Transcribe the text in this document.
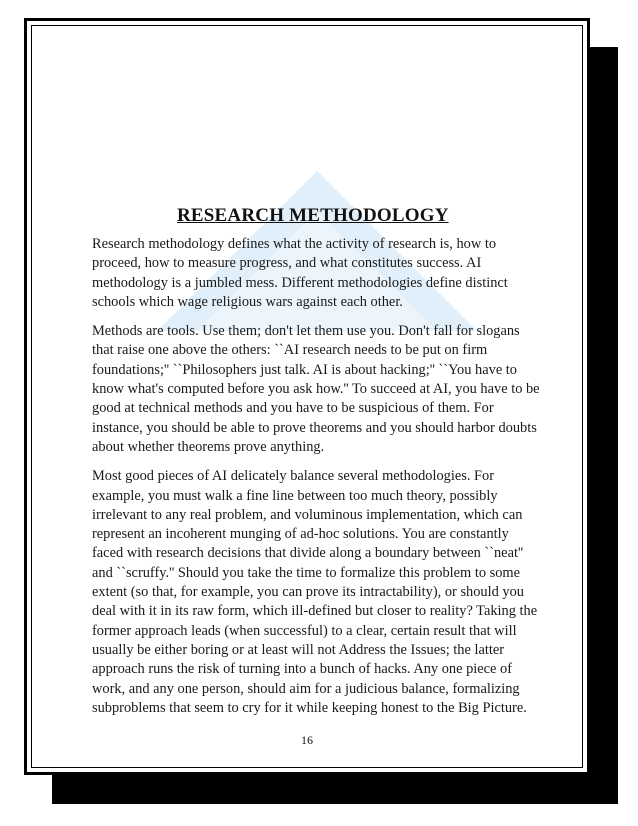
RESEARCH METHODOLOGY

Research methodology defines what the activity of research is, how to proceed, how to measure progress, and what constitutes success. AI methodology is a jumbled mess. Different methodologies define distinct schools which wage religious wars against each other.

Methods are tools. Use them; don't let them use you. Don't fall for slogans that raise one above the others: ``AI research needs to be put on firm foundations;'' ``Philosophers just talk. AI is about hacking;'' ``You have to know what's computed before you ask how.'' To succeed at AI, you have to be good at technical methods and you have to be suspicious of them. For instance, you should be able to prove theorems and you should harbor doubts about whether theorems prove anything.

Most good pieces of AI delicately balance several methodologies. For example, you must walk a fine line between too much theory, possibly irrelevant to any real problem, and voluminous implementation, which can represent an incoherent munging of ad-hoc solutions. You are constantly faced with research decisions that divide along a boundary between ``neat'' and ``scruffy.'' Should you take the time to formalize this problem to some extent (so that, for example, you can prove its intractability), or should you deal with it in its raw form, which ill-defined but closer to reality? Taking the former approach leads (when successful) to a clear, certain result that will usually be either boring or at least will not Address the Issues; the latter approach runs the risk of turning into a bunch of hacks. Any one piece of work, and any one person, should aim for a judicious balance, formalizing subproblems that seem to cry for it while keeping honest to the Big Picture.

16
